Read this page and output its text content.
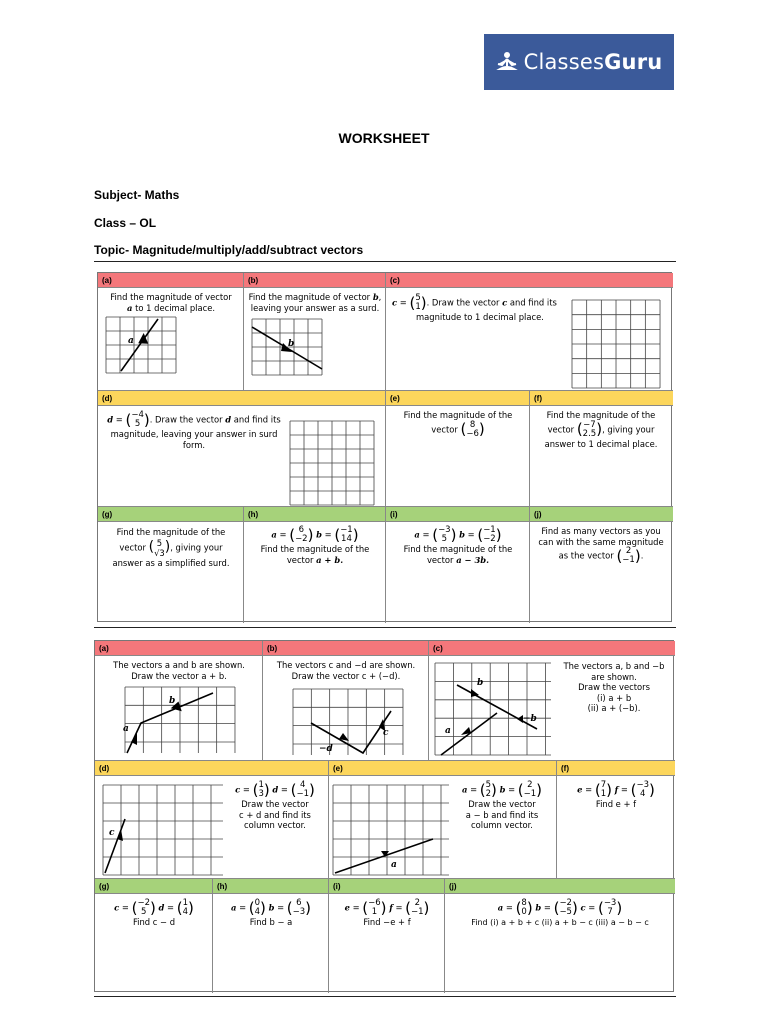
ClassesGuru
WORKSHEET
Subject- Maths
Class – OL
Topic- Magnitude/multiply/add/subtract vectors
(a)
Find the magnitude of vector
a to 1 decimal place.
a
(b)
Find the magnitude of vector b,
leaving your answer as a surd.
b
(c)
c = (5
1). Draw the vector c and find its
magnitude to 1 decimal place.
(d)
d = (−4
5 ). Draw the vector d and find its
magnitude, leaving your answer in surd
form.
(e)
Find the magnitude of the
vector ( 8
−6)
(f)
Find the magnitude of the
vector (−7
2.5), giving your
answer to 1 decimal place.
(g)
Find the magnitude of the
vector ( 5
√3), giving your
answer as a simplified surd.
(h)
a = ( 6
−2) b = (−1
14)
Find the magnitude of the
vector a + b.
(i)
a = (−3
5 ) b = (−1
−2)
Find the magnitude of the
vector a − 3b.
(j)
Find as many vectors as you
can with the same magnitude
as the vector ( 2
−1).
(a)
The vectors a and b are shown.
Draw the vector a + b.
a
b
(b)
The vectors c and −d are shown.
Draw the vector c + (−d).
−d
c
(c)
a
b
−b
The vectors a, b and −b
are shown.
Draw the vectors
(i) a + b
(ii) a + (−b).
(d)
c
c = (1
3) d = ( 4
−1)
Draw the vector
c + d and find its
column vector.
(e)
a
a = (5
2) b = ( 2
−1)
Draw the vector
a − b and find its
column vector.
(f)
e = (7
1) f = (−3
4 )
Find e + f
(g)
c = (−2
5 ) d = (1
4)
Find c − d
(h)
a = (0
4) b = ( 6
−3)
Find b − a
(i)
e = (−6
1 ) f = ( 2
−1)
Find −e + f
(j)
a = (8
0) b = (−2
−5) c = (−3
7 )
Find (i) a + b + c (ii) a + b − c (iii) a − b − c
